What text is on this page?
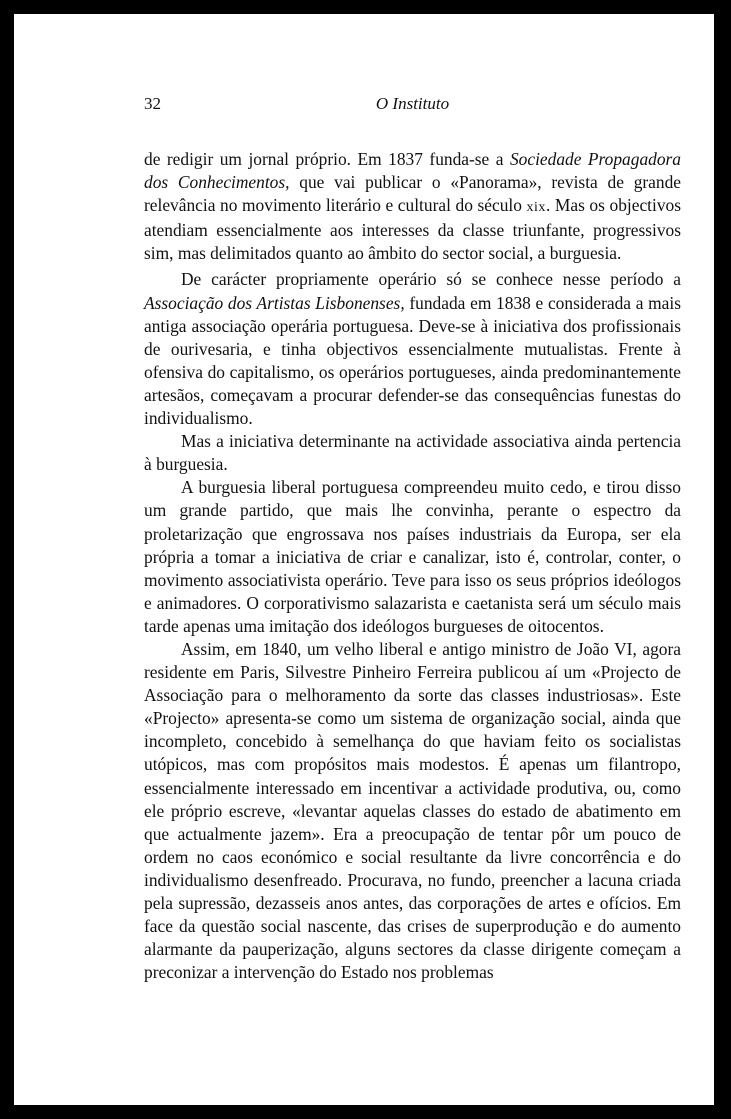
32	O Instituto

de redigir um jornal próprio. Em 1837 funda-se a Sociedade Propagadora dos Conhecimentos, que vai publicar o «Panorama», revista de grande relevância no movimento literário e cultural do século xix. Mas os objectivos atendiam essencialmente aos interesses da classe triunfante, progressivos sim, mas delimitados quanto ao âmbito do sector social, a burguesia.

De carácter propriamente operário só se conhece nesse período a Associação dos Artistas Lisbonenses, fundada em 1838 e considerada a mais antiga associação operária portuguesa. Deve-se à iniciativa dos profissionais de ourivesaria, e tinha objectivos essencialmente mutualistas. Frente à ofensiva do capitalismo, os operários portugueses, ainda predominantemente artesãos, começavam a procurar defender-se das consequências funestas do individualismo.

Mas a iniciativa determinante na actividade associativa ainda pertencia à burguesia.

A burguesia liberal portuguesa compreendeu muito cedo, e tirou disso um grande partido, que mais lhe convinha, perante o espectro da proletarização que engrossava nos países industriais da Europa, ser ela própria a tomar a iniciativa de criar e canalizar, isto é, controlar, conter, o movimento associativista operário. Teve para isso os seus próprios ideólogos e animadores. O corporativismo salazarista e caetanista será um século mais tarde apenas uma imitação dos ideólogos burgueses de oitocentos.

Assim, em 1840, um velho liberal e antigo ministro de João VI, agora residente em Paris, Silvestre Pinheiro Ferreira publicou aí um «Projecto de Associação para o melhoramento da sorte das classes industriosas». Este «Projecto» apresenta-se como um sistema de organização social, ainda que incompleto, concebido à semelhança do que haviam feito os socialistas utópicos, mas com propósitos mais modestos. É apenas um filantropo, essencialmente interessado em incentivar a actividade produtiva, ou, como ele próprio escreve, «levantar aquelas classes do estado de abatimento em que actualmente jazem». Era a preocupação de tentar pôr um pouco de ordem no caos económico e social resultante da livre concorrência e do individualismo desenfreado. Procurava, no fundo, preencher a lacuna criada pela supressão, dezasseis anos antes, das corporações de artes e ofícios. Em face da questão social nascente, das crises de superprodução e do aumento alarmante da pauperização, alguns sectores da classe dirigente começam a preconizar a intervenção do Estado nos problemas
